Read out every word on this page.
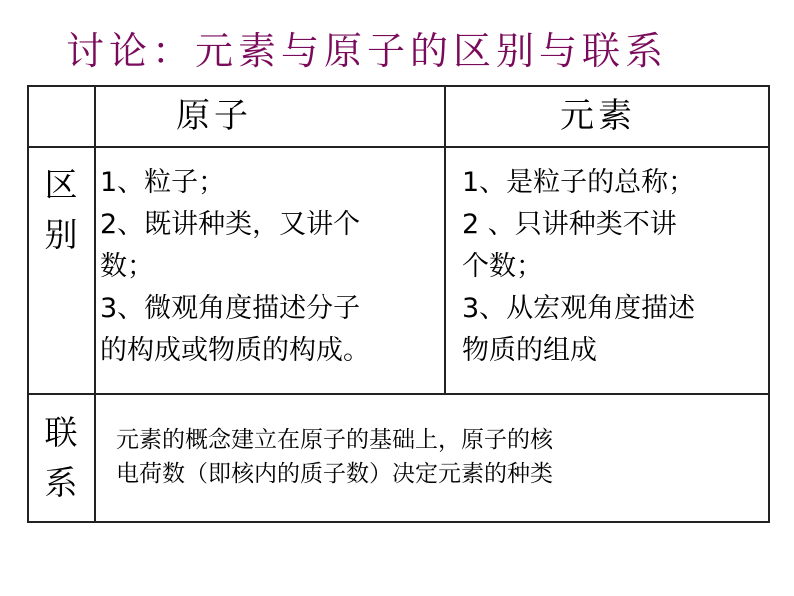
讨论：元素与原子的区别与联系
原子	元素
区
别
1、粒子；
2、既讲种类，又讲个
数；
3、微观角度描述分子
的构成或物质的构成。
1、是粒子的总称；
2 、只讲种类不讲
个数；
3、从宏观角度描述
物质的组成
联
系
元素的概念建立在原子的基础上，原子的核
电荷数（即核内的质子数）决定元素的种类
